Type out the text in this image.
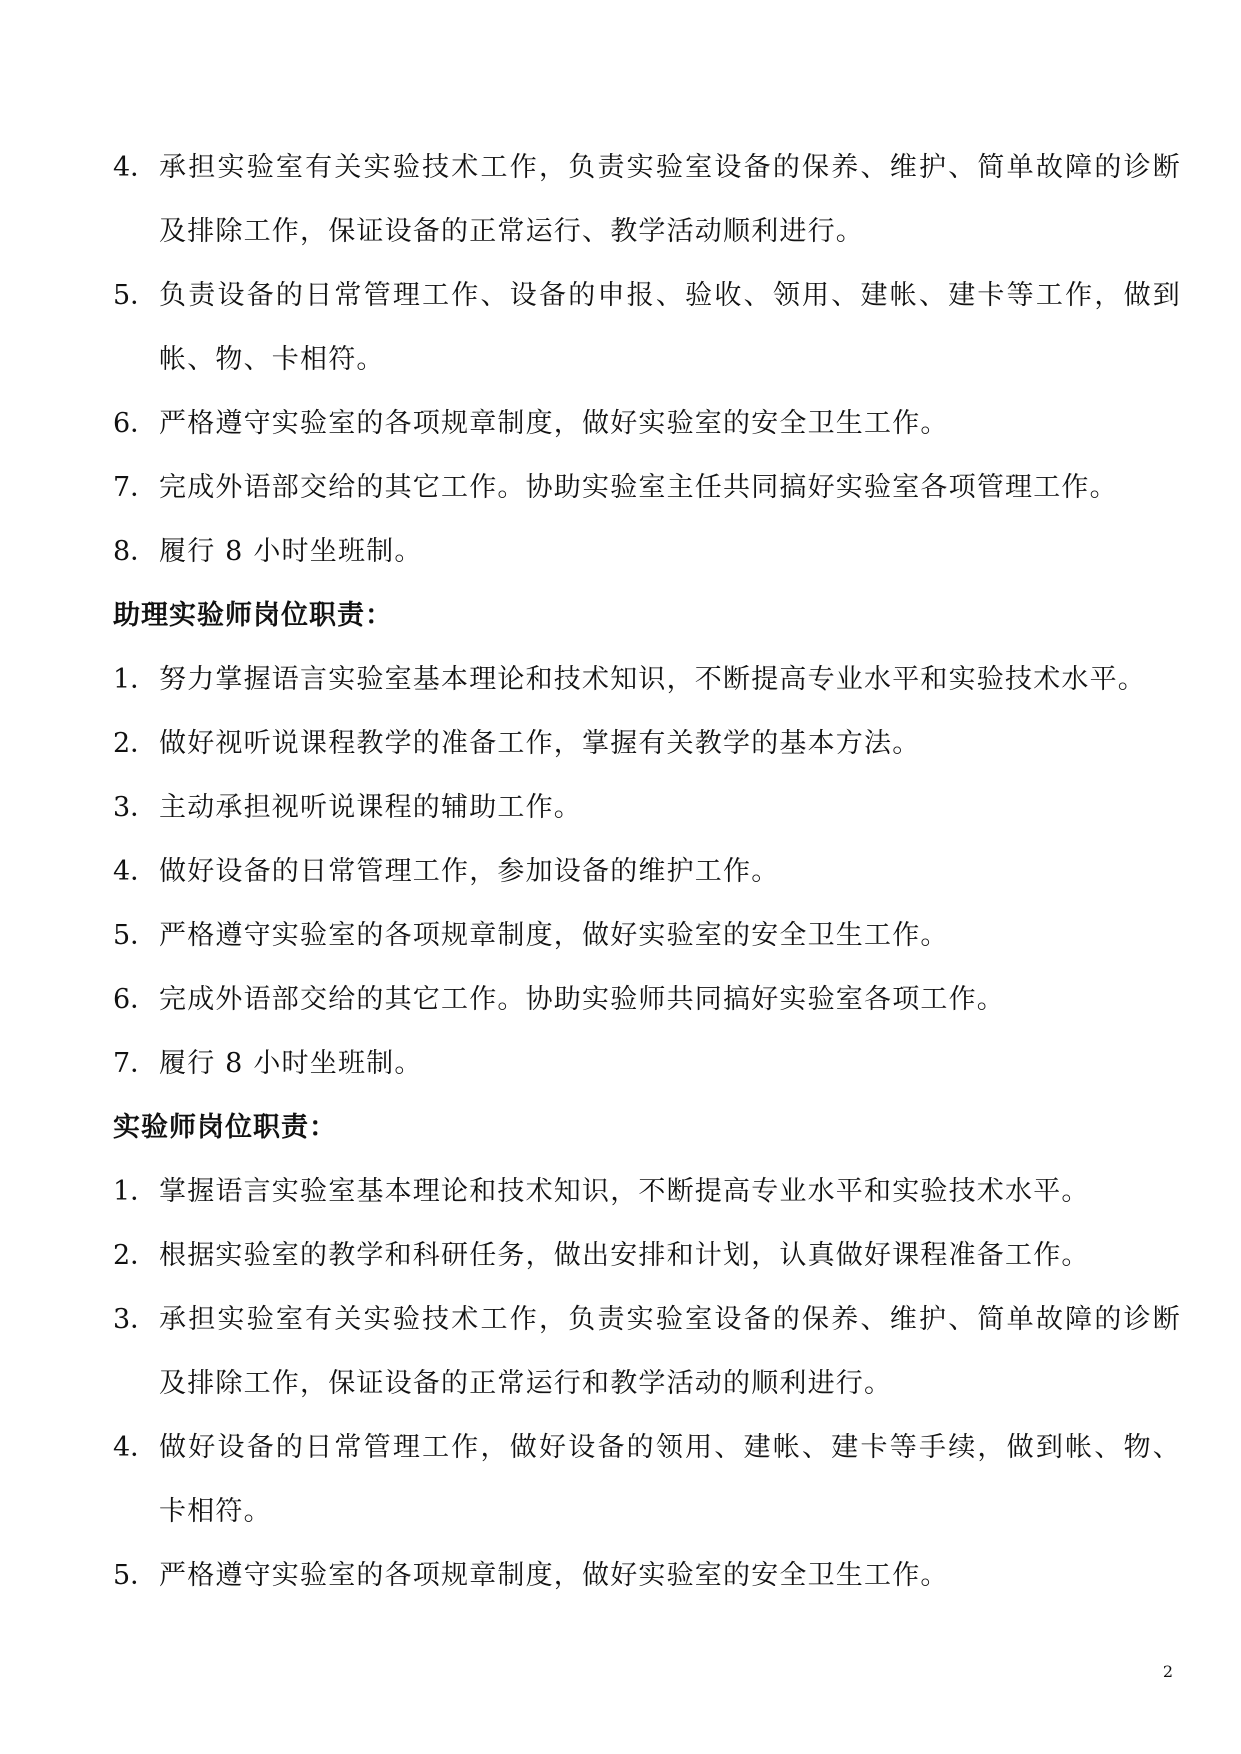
4． 承担实验室有关实验技术工作，负责实验室设备的保养、维护、简单故障的诊断
及排除工作，保证设备的正常运行、教学活动顺利进行。
5． 负责设备的日常管理工作、设备的申报、验收、领用、建帐、建卡等工作，做到
帐、物、卡相符。
6． 严格遵守实验室的各项规章制度，做好实验室的安全卫生工作。
7． 完成外语部交给的其它工作。协助实验室主任共同搞好实验室各项管理工作。
8． 履行 8 小时坐班制。
助理实验师岗位职责：
1． 努力掌握语言实验室基本理论和技术知识，不断提高专业水平和实验技术水平。
2． 做好视听说课程教学的准备工作，掌握有关教学的基本方法。
3． 主动承担视听说课程的辅助工作。
4． 做好设备的日常管理工作，参加设备的维护工作。
5． 严格遵守实验室的各项规章制度，做好实验室的安全卫生工作。
6． 完成外语部交给的其它工作。协助实验师共同搞好实验室各项工作。
7． 履行 8 小时坐班制。
实验师岗位职责：
1． 掌握语言实验室基本理论和技术知识，不断提高专业水平和实验技术水平。
2． 根据实验室的教学和科研任务，做出安排和计划，认真做好课程准备工作。
3． 承担实验室有关实验技术工作，负责实验室设备的保养、维护、简单故障的诊断
及排除工作，保证设备的正常运行和教学活动的顺利进行。
4． 做好设备的日常管理工作，做好设备的领用、建帐、建卡等手续，做到帐、物、
卡相符。
5． 严格遵守实验室的各项规章制度，做好实验室的安全卫生工作。
2
